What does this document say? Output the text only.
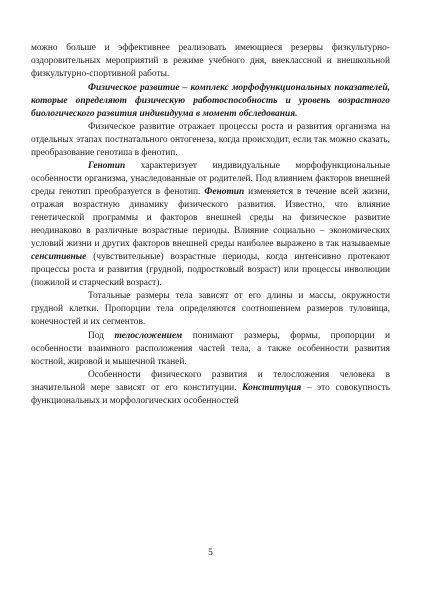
можно больше и эффективнее реализовать имеющиеся резервы физкультурно-оздоровительных мероприятий в режиме учебного дня, внеклассной и внешкольной физкультурно-спортивной работы.

Физическое развитие – комплекс морфофункциональных показателей, которые определяют физическую работоспособность и уровень возрастного биологического развития индивидуума в момент обследования.

Физическое развитие отражает процессы роста и развития организма на отдельных этапах постнатального онтогенеза, когда происходит, если так можно сказать, преобразование генотипа в фенотип.

Генотип характеризует индивидуальные морфофункциональные особенности организма, унаследованные от родителей. Под влиянием факторов внешней среды генотип преобразуется в фенотип. Фенотип изменяется в течение всей жизни, отражая возрастную динамику физического развития. Известно, что влияние генетической программы и факторов внешней среды на физическое развитие неодинаково в различные возрастные периоды. Влияние социально – экономических условий жизни и других факторов внешней среды наиболее выражено в так называемые сенситивные (чувствительные) возрастные периоды, когда интенсивно протекают процессы роста и развития (грудной, подростковый возраст) или процессы инволюции (пожилой и старческий возраст).

Тотальные размеры тела зависят от его длины и массы, окружности грудной клетки. Пропорции тела определяются соотношением размеров туловища, конечностей и их сегментов.

Под телосложением понимают размеры, формы, пропорции и особенности взаимного расположения частей тела, а также особенности развития костной, жировой и мышечной тканей.

Особенности физического развития и телосложения человека в значительной мере зависят от его конституции. Конституция – это совокупность функциональных и морфологических особенностей

5
